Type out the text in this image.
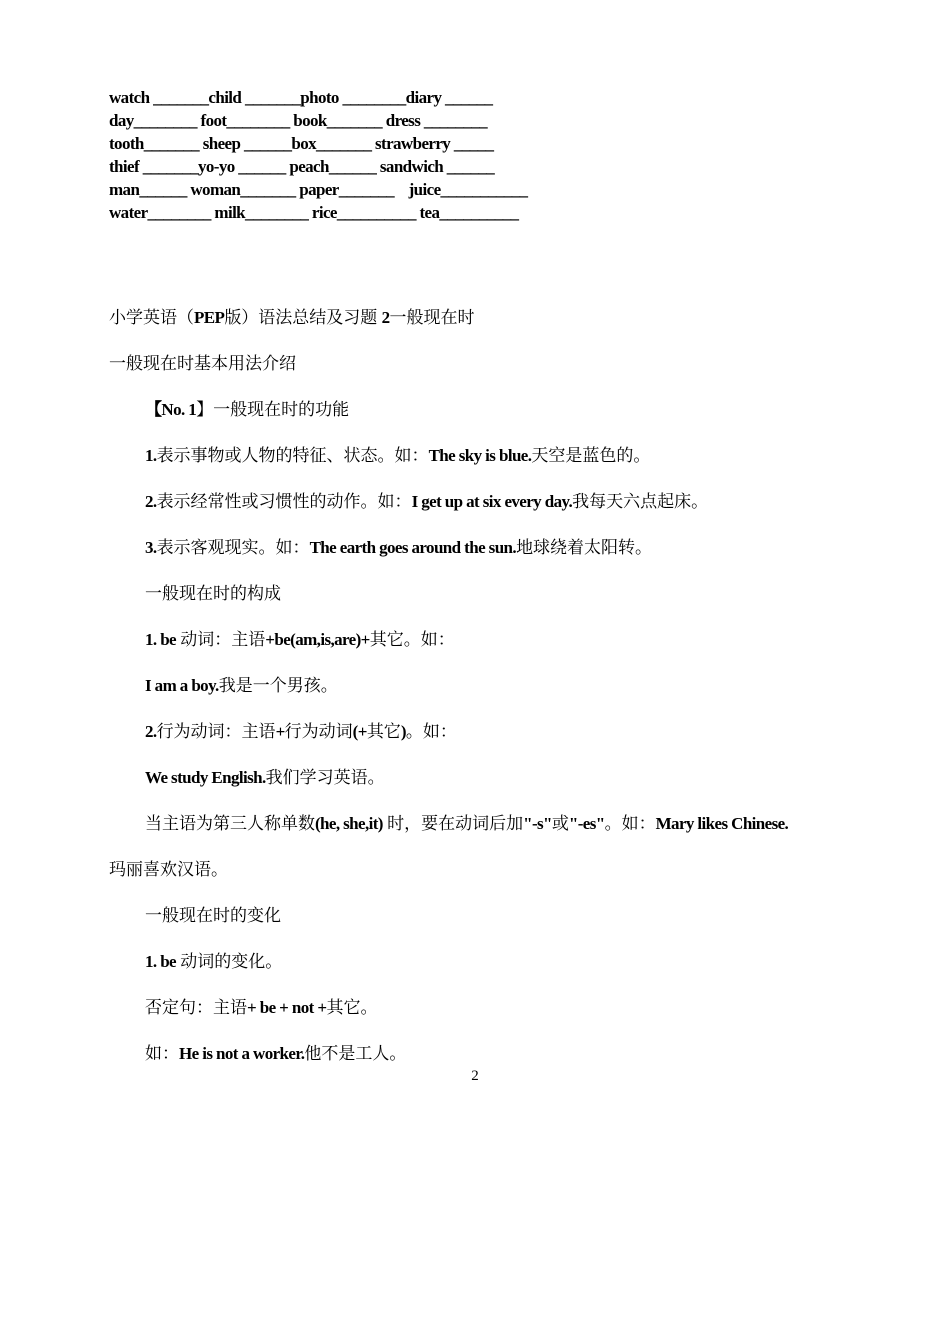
watch _______child _______photo ________diary ______
day________ foot________ book_______ dress ________
tooth_______ sheep ______box_______ strawberry _____
thief _______yo-yo ______ peach______ sandwich ______
man______ woman_______ paper_______    juice___________
water________ milk________ rice__________ tea__________
小学英语（PEP版）语法总结及习题 2一般现在时
一般现在时基本用法介绍
【No. 1】一般现在时的功能
1.表示事物或人物的特征、状态。如：The sky is blue.天空是蓝色的。
2.表示经常性或习惯性的动作。如：I get up at six every day.我每天六点起床。
3.表示客观现实。如：The earth goes around the sun.地球绕着太阳转。
一般现在时的构成
1. be 动词：主语+be(am,is,are)+其它。如：
I am a boy.我是一个男孩。
2.行为动词：主语+行为动词(+其它)。如：
We study English.我们学习英语。
当主语为第三人称单数(he, she,it) 时，要在动词后加"-s"或"-es"。如：Mary likes Chinese.
玛丽喜欢汉语。
一般现在时的变化
1. be 动词的变化。
否定句：主语+ be + not +其它。
如：He is not a worker.他不是工人。
2
